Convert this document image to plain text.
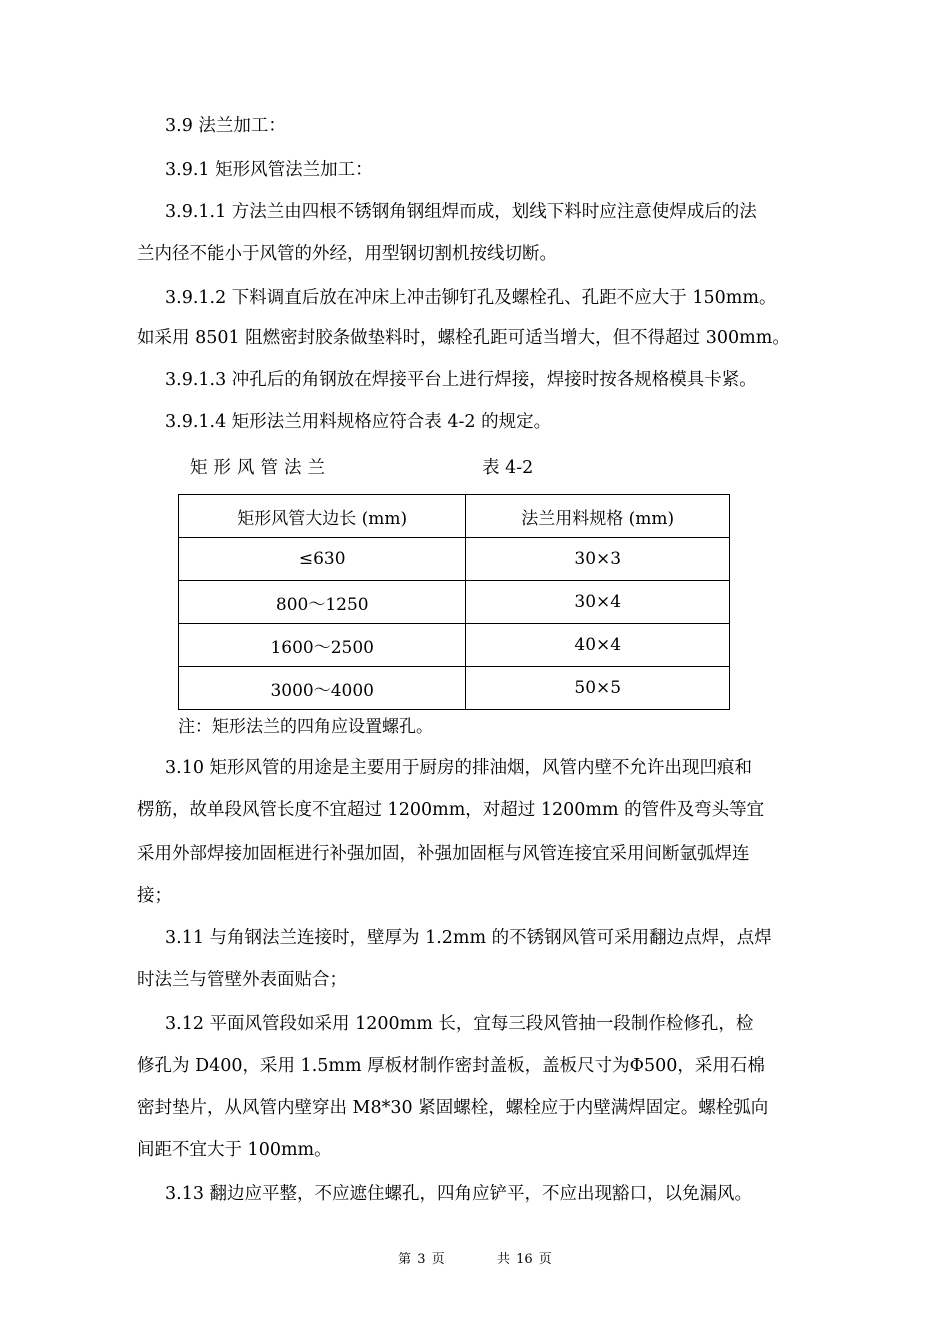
3.9 法兰加工：
3.9.1 矩形风管法兰加工：
3.9.1.1 方法兰由四根不锈钢角钢组焊而成，划线下料时应注意使焊成后的法
兰内径不能小于风管的外经，用型钢切割机按线切断。
3.9.1.2 下料调直后放在冲床上冲击铆钉孔及螺栓孔、孔距不应大于 150mm。
如采用 8501 阻燃密封胶条做垫料时，螺栓孔距可适当增大，但不得超过 300mm。
3.9.1.3 冲孔后的角钢放在焊接平台上进行焊接，焊接时按各规格模具卡紧。
3.9.1.4 矩形法兰用料规格应符合表 4-2 的规定。
矩形风管法兰	表 4-2
矩形风管大边长 (mm)	法兰用料规格 (mm)
≤630	30×3
800～1250	30×4
1600～2500	40×4
3000～4000	50×5
注：矩形法兰的四角应设置螺孔。
3.10 矩形风管的用途是主要用于厨房的排油烟，风管内壁不允许出现凹痕和
楞筋，故单段风管长度不宜超过 1200mm，对超过 1200mm 的管件及弯头等宜
采用外部焊接加固框进行补强加固，补强加固框与风管连接宜采用间断氩弧焊连
接；
3.11 与角钢法兰连接时，壁厚为 1.2mm 的不锈钢风管可采用翻边点焊，点焊
时法兰与管壁外表面贴合；
3.12 平面风管段如采用 1200mm 长，宜每三段风管抽一段制作检修孔，检
修孔为 D400，采用 1.5mm 厚板材制作密封盖板，盖板尺寸为Φ500，采用石棉
密封垫片，从风管内壁穿出 M8*30 紧固螺栓，螺栓应于内壁满焊固定。螺栓弧向
间距不宜大于 100mm。
3.13 翻边应平整，不应遮住螺孔，四角应铲平，不应出现豁口，以免漏风。
第 3 页	共 16 页
